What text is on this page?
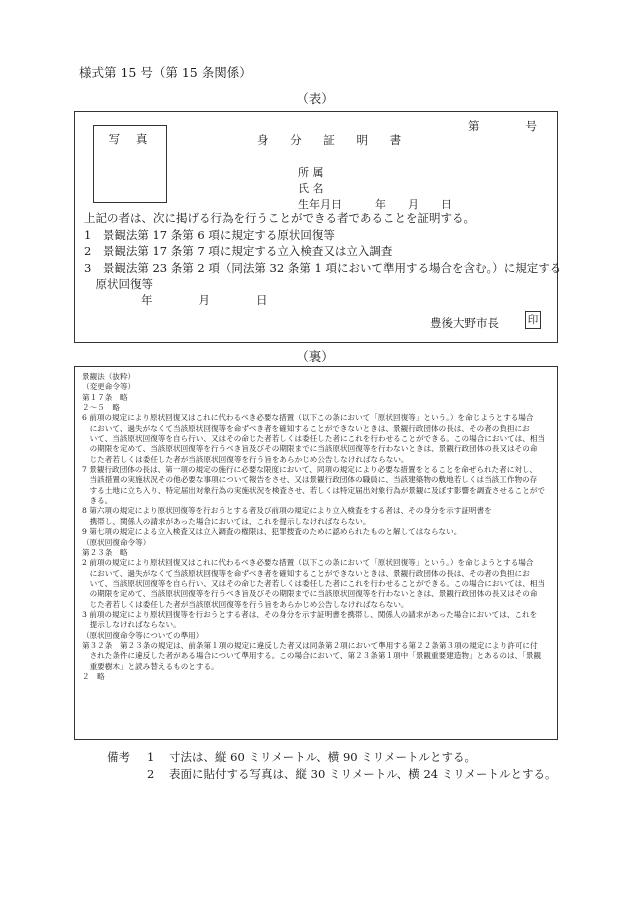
様式第 15 号（第 15 条関係）
（表）
写 真
第　　　　号
身 分 証 明 書
所 属
氏 名
生年月日　　　年　　月　　日
上記の者は、次に掲げる行為を行うことができる者であることを証明する。
1　景観法第 17 条第 6 項に規定する原状回復等
2　景観法第 17 条第 7 項に規定する立入検査又は立入調査
3　景観法第 23 条第 2 項（同法第 32 条第 1 項において準用する場合を含む。）に規定する
　原状回復等
年　　　　月　　　　日
豊後大野市長	印
（裏）
景観法（抜粋）
（変更命令等）
第１７条　略
２～５　略
6 前項の規定により原状回復又はこれに代わるべき必要な措置（以下この条において「原状回復等」という。）を命じようとする場合
　において、過失がなくて当該原状回復等を命ずべき者を確知することができないときは、景観行政団体の長は、その者の負担にお
　いて、当該原状回復等を自ら行い、又はその命じた者若しくは委任した者にこれを行わせることができる。この場合においては、相当
　の期限を定めて、当該原状回復等を行うべき旨及びその期限までに当該原状回復等を行わないときは、景観行政団体の長又はその命
　じた者若しくは委任した者が当該原状回復等を行う旨をあらかじめ公告しなければならない。
7 景観行政団体の長は、第一項の規定の施行に必要な限度において、同項の規定により必要な措置をとることを命ぜられた者に対し、
　当該措置の実施状況その他必要な事項について報告をさせ、又は景観行政団体の職員に、当該建築物の敷地若しくは当該工作物の存
　する土地に立ち入り、特定届出対象行為の実施状況を検査させ、若しくは特定届出対象行為が景観に及ぼす影響を調査させることがで
　きる。
8 第六項の規定により原状回復等を行おうとする者及び前項の規定により立入検査をする者は、その身分を示す証明書を
　携帯し、関係人の請求があった場合においては、これを提示しなければならない。
9 第七項の規定による立入検査又は立入調査の権限は、犯罪捜査のために認められたものと解してはならない。
（原状回復命令等）
第２３条　略
2 前項の規定により原状回復又はこれに代わるべき必要な措置（以下この条において「原状回復等」という。）を命じようとする場合
　において、過失がなくて当該原状回復等を命ずべき者を確知することができないときは、景観行政団体の長は、その者の負担にお
　いて、当該原状回復等を自ら行い、又はその命じた者若しくは委任した者にこれを行わせることができる。この場合においては、相当
　の期限を定めて、当該原状回復等を行うべき旨及びその期限までに当該原状回復等を行わないときは、景観行政団体の長又はその命
　じた者若しくは委任した者が当該原状回復等を行う旨をあらかじめ公告しなければならない。
3 前項の規定により原状回復等を行おうとする者は、その身分を示す証明書を携帯し、関係人の請求があった場合においては、これを
　提示しなければならない。
（原状回復命令等についての準用）
第３２条　第２３条の規定は、前条第１項の規定に違反した者又は同条第２項において準用する第２２条第３項の規定により許可に付
　された条件に違反した者がある場合について準用する。この場合において、第２３条第１項中「景観重要建造物」とあるのは、「景観
　重要樹木」と読み替えるものとする。
２　略
備考 1 寸法は、縦 60 ミリメートル、横 90 ミリメートルとする。
2 表面に貼付する写真は、縦 30 ミリメートル、横 24 ミリメートルとする。
